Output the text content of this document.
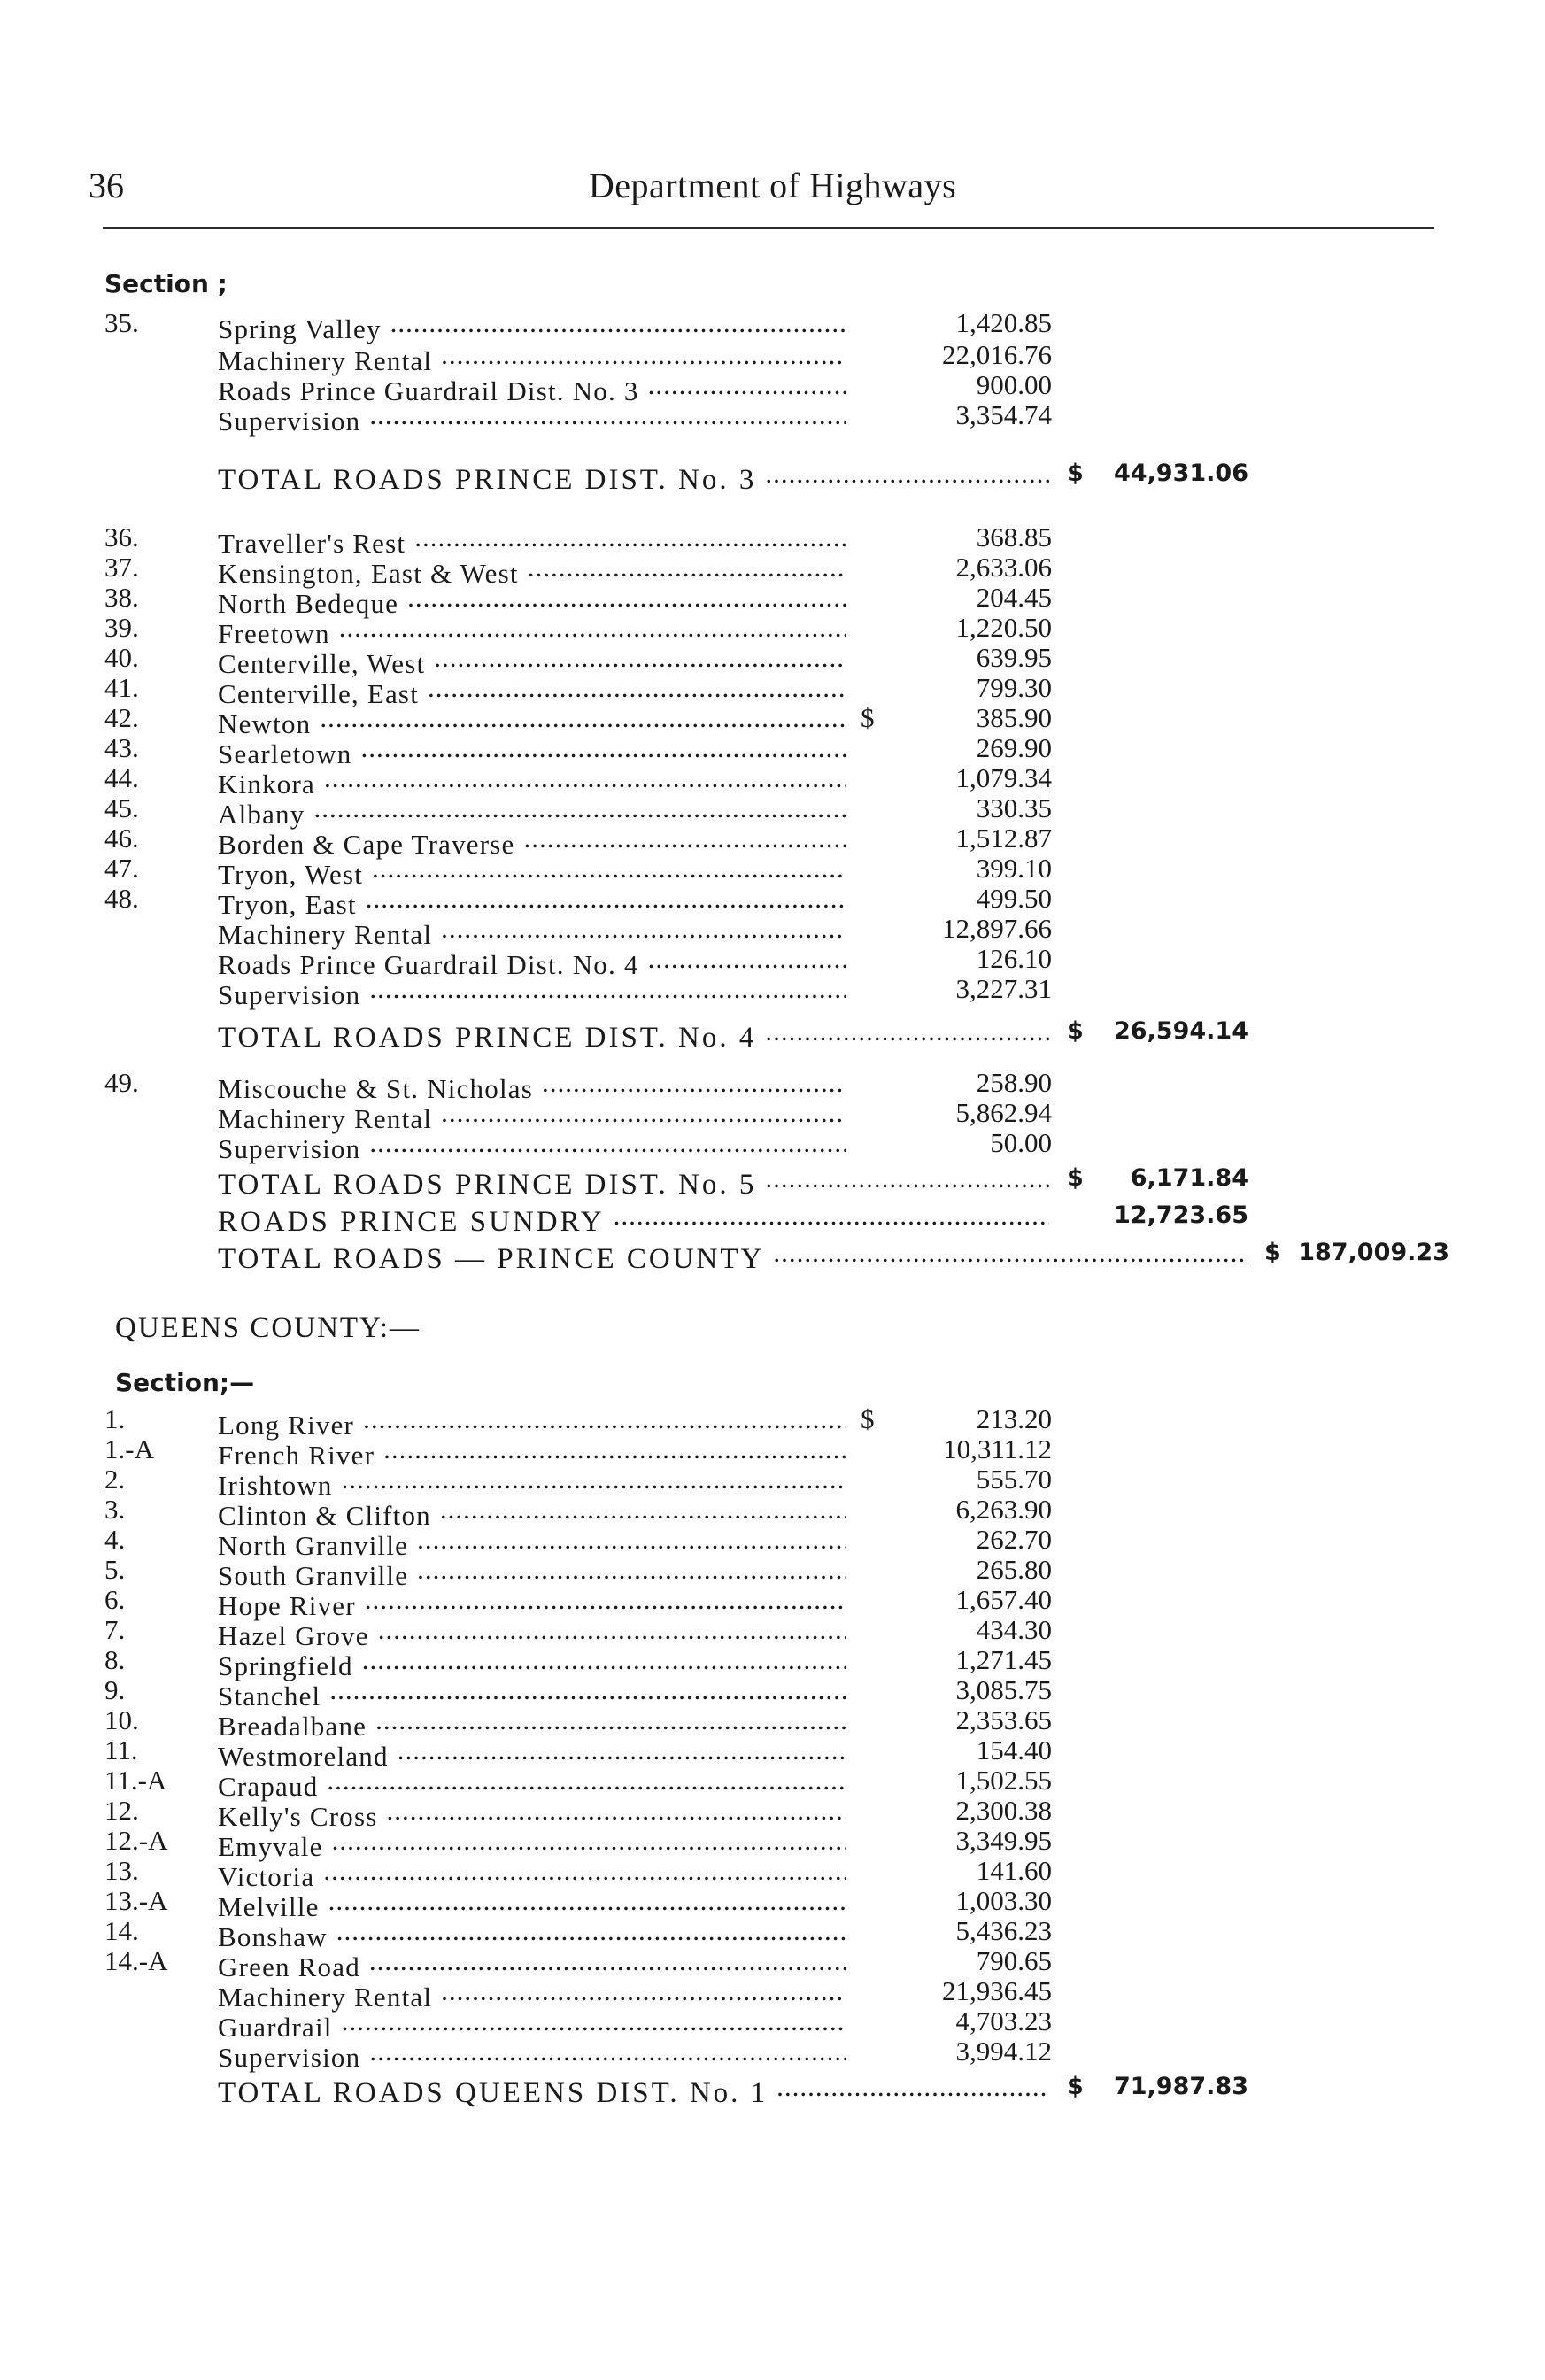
36	Department of Highways
Section ;
35.	Spring Valley .....	1,420.85
Machinery Rental .....	22,016.76
Roads Prince Guardrail Dist. No. 3 .....	900.00
Supervision .....	3,354.74
TOTAL ROADS PRINCE DIST. No. 3 .....	$	44,931.06
36.	Traveller's Rest .....	368.85
37.	Kensington, East & West .....	2,633.06
38.	North Bedeque .....	204.45
39.	Freetown .....	1,220.50
40.	Centerville, West .....	639.95
41.	Centerville, East .....	799.30
42.	Newton .....	$	385.90
43.	Searletown .....	269.90
44.	Kinkora .....	1,079.34
45.	Albany .....	330.35
46.	Borden & Cape Traverse .....	1,512.87
47.	Tryon, West .....	399.10
48.	Tryon, East .....	499.50
Machinery Rental .....	12,897.66
Roads Prince Guardrail Dist. No. 4 .....	126.10
Supervision .....	3,227.31
TOTAL ROADS PRINCE DIST. No. 4 .....	$	26,594.14
49.	Miscouche & St. Nicholas .....	258.90
Machinery Rental .....	5,862.94
Supervision .....	50.00
TOTAL ROADS PRINCE DIST. No. 5 .....	$	6,171.84
ROADS PRINCE SUNDRY .....	12,723.65
TOTAL ROADS — PRINCE COUNTY .....	$ 187,009.23
QUEENS COUNTY:—
Section;—
1.	Long River .....	$	213.20
1.-A French River .....	10,311.12
2.	Irishtown .....	555.70
3.	Clinton & Clifton .....	6,263.90
4.	North Granville .....	262.70
5.	South Granville .....	265.80
6.	Hope River .....	1,657.40
7.	Hazel Grove .....	434.30
8.	Springfield .....	1,271.45
9.	Stanchel .....	3,085.75
10.	Breadalbane .....	2,353.65
11.	Westmoreland .....	154.40
11.-A Crapaud .....	1,502.55
12.	Kelly's Cross .....	2,300.38
12.-A Emyvale .....	3,349.95
13.	Victoria .....	141.60
13.-A Melville .....	1,003.30
14.	Bonshaw .....	5,436.23
14.-A Green Road .....	790.65
Machinery Rental .....	21,936.45
Guardrail .....	4,703.23
Supervision .....	3,994.12
TOTAL ROADS QUEENS DIST. No. 1 .....	$	71,987.83
